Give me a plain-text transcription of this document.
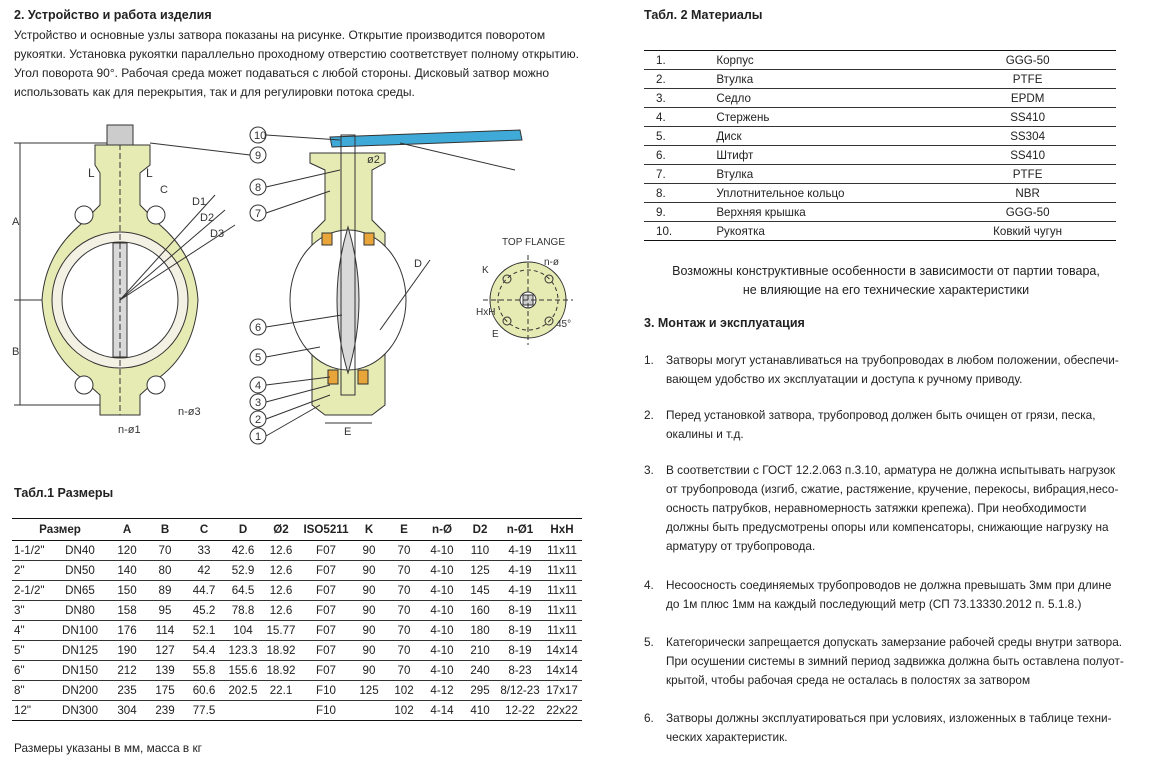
2. Устройство и работа изделия

Устройство и основные узлы затвора показаны на рисунке. Открытие производится поворотом

рукоятки. Установка рукоятки параллельно проходному отверстию соответствует полному открытию.

Угол поворота 90°. Рабочая среда может подаваться с любой стороны. Дисковый затвор можно

использовать как для перекрытия, так и для регулировки потока среды.

A
B
L	L
C
D1
D2
D3
n-ø3
n-ø1	E
D
ø2
10
9
8
7
6
5
4
3
2
1
TOP FLANGE
HxH
K
E
n-ø
45°
Табл.1 Размеры
Размер		A	B	C	D	Ø2	ISO5211	K	E	n-Ø	D2	n-Ø1	HxH
1-1/2"	DN40	120	70	33	42.6	12.6	F07	90	70	4-10	110	4-19	11x11
2"	DN50	140	80	42	52.9	12.6	F07	90	70	4-10	125	4-19	11x11
2-1/2"	DN65	150	89	44.7	64.5	12.6	F07	90	70	4-10	145	4-19	11x11
3"	DN80	158	95	45.2	78.8	12.6	F07	90	70	4-10	160	8-19	11x11
4"	DN100	176	114	52.1	104	15.77	F07	90	70	4-10	180	8-19	11x11
5"	DN125	190	127	54.4	123.3	18.92	F07	90	70	4-10	210	8-19	14x14
6"	DN150	212	139	55.8	155.6	18.92	F07	90	70	4-10	240	8-23	14x14
8"	DN200	235	175	60.6	202.5	22.1	F10	125	102	4-12	295	8/12-23	17x17
12"	DN300	304	239	77.5			F10		102	4-14	410	12-22	22x22
Размеры указаны в мм, масса в кг
Табл. 2 Материалы
1.	Корпус	GGG-50
2.	Втулка	PTFE
3.	Седло	EPDM
4.	Стержень	SS410
5.	Диск	SS304
6.	Штифт	SS410
7.	Втулка	PTFE
8.	Уплотнительное кольцо	NBR
9.	Верхняя крышка	GGG-50
10.	Рукоятка	Ковкий чугун
Возможны конструктивные особенности в зависимости от партии товара,
не влияющие на его технические характеристики
3. Монтаж и эксплуатация
1. Затворы могут устанавливаться на трубопроводах в любом положении, обеспечи-
вающем удобство их эксплуатации и доступа к ручному приводу.
2. Перед установкой затвора, трубопровод должен быть очищен от грязи, песка,
окалины и т.д.
3. В соответствии с ГОСТ 12.2.063 п.3.10, арматура не должна испытывать нагрузок
от трубопровода (изгиб, сжатие, растяжение, кручение, перекосы, вибрация,несо-
осность патрубков, неравномерность затяжки крепежа). При необходимости
должны быть предусмотрены опоры или компенсаторы, снижающие нагрузку на
арматуру от трубопровода.
4. Несоосность соединяемых трубопроводов не должна превышать 3мм при длине
до 1м плюс 1мм на каждый последующий метр (СП 73.13330.2012 п. 5.1.8.)
5. Категорически запрещается допускать замерзание рабочей среды внутри затвора.
При осушении системы в зимний период задвижка должна быть оставлена полуот-
крытой, чтобы рабочая среда не осталась в полостях за затвором
6. Затворы должны эксплуатироваться при условиях, изложенных в таблице техни-
ческих характеристик.
